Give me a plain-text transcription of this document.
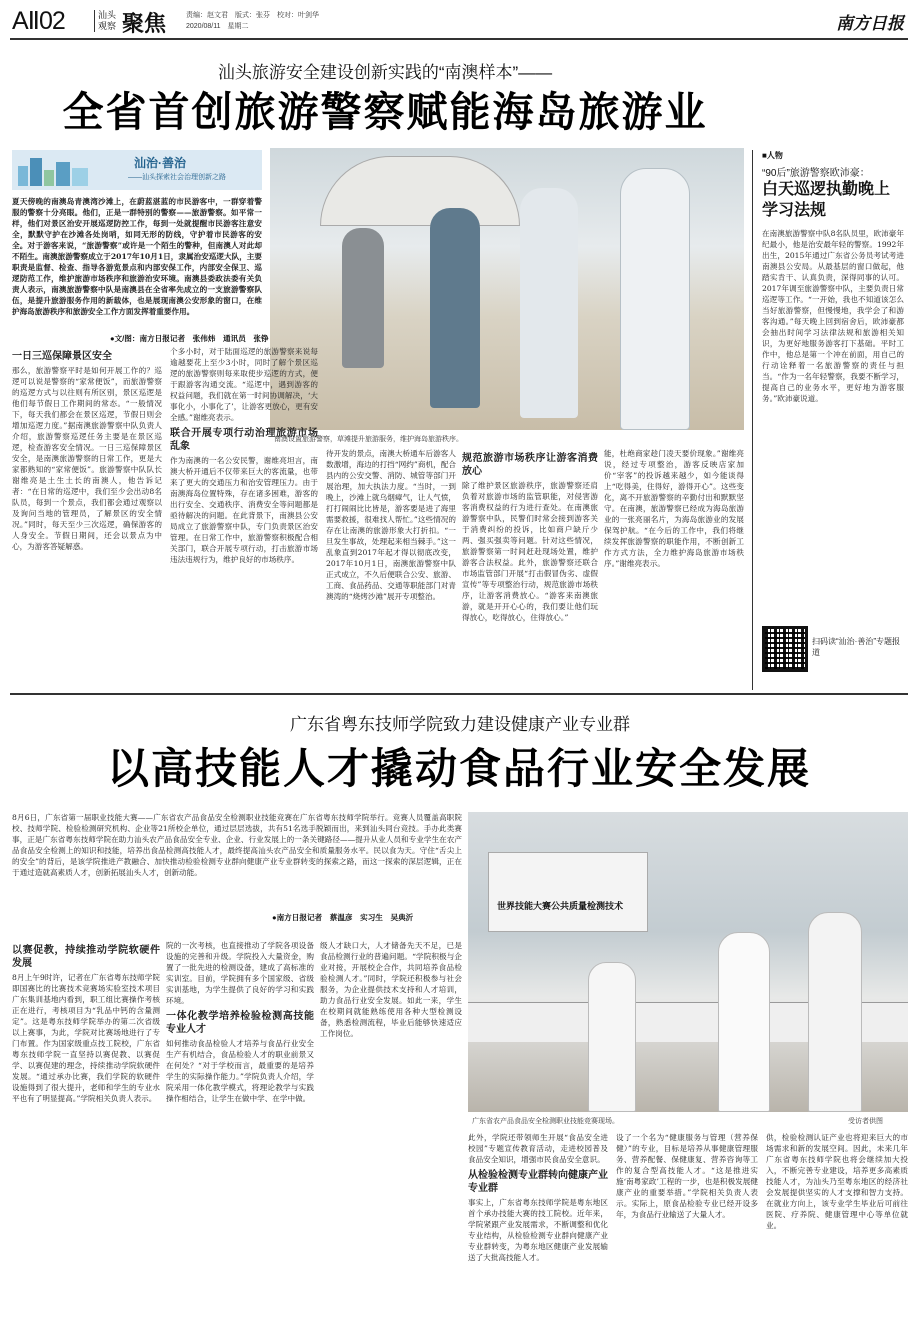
AⅡ02	汕头观察 聚焦	责编：赵文君　版式：张芬　校对：叶剑华
2020/08/11　星期二	南方日报
汕头旅游安全建设创新实践的“南澳样本”——
全省首创旅游警察赋能海岛旅游业
汕治·善治
——汕头探索社会治理创新之路
夏天傍晚的南澳岛青澳湾沙滩上，在蔚蓝湛蓝的市民游客中，一群穿着警服的警察十分亮眼。他们，正是一群特别的警察——旅游警察。如平常一样，他们对景区治安开展巡逻防控工作，每到一处就提醒市民游客注意安全，默默守护在沙滩各处岗哨，如同无形的防线，守护着市民游客的安全。对于游客来说，“旅游警察”或许是一个陌生的警种，但南澳人对此却不陌生。南澳旅游警察成立于2017年10月1日，隶属治安巡逻大队，主要职责是监督、检查、指导各游览景点和内部安保工作，内部安全保卫、巡逻防范工作，维护旅游市场秩序和旅游治安环境。南澳县委政法委有关负责人表示，南澳旅游警察中队是南澳县在全省率先成立的一支旅游警察队伍，是提升旅游服务作用的新载体，也是展现南澳公安形象的窗口，在维护海岛旅游秩序和旅游安全工作方面发挥着重要作用。
●文/图：南方日报记者　张伟炜　通讯员　张铮
南澳设置旅游警察，草滩提升旅游服务，维护海岛旅游秩序。
一日三巡保障景区安全
那么，旅游警察平时是如何开展工作的？巡逻可以说是警察的“家常便饭”，而旅游警察的巡逻方式与以往则有所区别，景区巡逻是他们每节假日工作期间的常态。“一般情况下，每天我们都会在景区巡逻，节假日则会增加巡逻力度。”据南澳旅游警察中队负责人介绍，旅游警察巡逻任务主要是在景区巡逻，检查游客安全情况。一日三巡保障景区安全，是南澳旅游警察的日常工作，更是大家都熟知的“家常便饭”。旅游警察中队队长谢维亮是土生土长的南澳人，他告诉记者：“在日常的巡逻中，我们至少会出动8名队员，每到一个景点，我们都会通过观察以及询问当地的管理员，了解景区的安全情况。”同时，每天至少三次巡逻，确保游客的人身安全。节假日期间，还会以景点为中心，为游客答疑解惑。
个多小时，对于陆面巡逻的旅游警察来说每逾越要花上至少3小时，同时了解个景区巡逻的旅游警察则每来取使步巡逻的方式，便于跟游客沟通交流。“巡逻中，遇到游客的权益问题，我们就在第一时间协调解决，‘大事化小，小事化了’，让游客更放心，更有安全感。”谢维亮表示。
联合开展专项行动治理旅游市场乱象
作为南澳的一名公安民警，谢维亮坦言，南澳大桥开通后不仅带来巨大的客流量，也带来了更大的交通压力和治安管理压力。由于南澳海岛位置特殊，存在诸多困难，游客的出行安全、交通秩序、消费安全等问题都是亟待解决的问题。在此背景下，南澳县公安局成立了旅游警察中队，专门负责景区治安管理。在日常工作中，旅游警察积极配合相关部门，联合开展专项行动，打击旅游市场违法违规行为，维护良好的市场秩序。
待开发的景点，南澳大桥通车后游客人数激增，海边的打挡“网约”商机，配合县内的公安交警、消防、城管等部门开展治理，加大执法力度。“当时，一到晚上，沙滩上就乌烟瘴气，让人气愤，打打闹闹比比皆是，游客要是进了海里需要救援，很难找人帮忙。”这些情况的存在让南澳的旅游形象大打折扣。“一旦发生事故，处理起来相当棘手。”这一乱象直到2017年起才得以彻底改变，2017年10月1日，南澳旅游警察中队正式成立，不久后便联合公安、旅游、工商、食品药品、交通等职能部门对青澳湾的“烧烤沙滩”展开专项整治。
规范旅游市场秩序让游客消费放心
除了维护景区旅游秩序，旅游警察还肩负着对旅游市场的监管职能，对侵害游客消费权益的行为进行查处。在南澳旅游警察中队，民警们时常会接到游客关于消费纠纷的投诉，比如商户缺斤少两、强买强卖等问题。针对这些情况，旅游警察第一时间赶赴现场处置，维护游客合法权益。此外，旅游警察还联合市场监管部门开展“打击假冒伪劣、虚假宣传”等专项整治行动，规范旅游市场秩序，让游客消费放心。“游客来南澳旅游，就是开开心心的，我们要让他们玩得放心，吃得放心，住得放心。”
能，杜绝商家趁门凌天要价现象。”谢维亮说，经过专项整治，游客反映店家加价“宰客”的投诉越来越少，如今能谈得上“吃得美，住得好，游得开心”。这些变化，离不开旅游警察的辛勤付出和默默坚守。在南澳，旅游警察已经成为海岛旅游业的一张亮丽名片，为海岛旅游业的发展保驾护航。“在今后的工作中，我们将继续发挥旅游警察的职能作用，不断创新工作方式方法，全力维护海岛旅游市场秩序。”谢维亮表示。
■人物
“90后”旅游警察欧沛豪：
白天巡逻执勤晚上学习法规
在南澳旅游警察中队8名队员里，欧沛豪年纪最小，他是治安最年轻的警察。1992年出生，2015年通过广东省公务员考试考进南澳县公安局。从最基层的窗口做起，他踏实肯干、认真负责，深得同事的认可。2017年调至旅游警察中队，主要负责日常巡逻等工作。“一开始，我也不知道该怎么当好旅游警察，但慢慢地，我学会了和游客沟通。”每天晚上回到宿舍后，欧沛豪都会抽出时间学习法律法规和旅游相关知识，为更好地服务游客打下基础。平时工作中，他总是第一个冲在前面，用自己的行动诠释着一名旅游警察的责任与担当。“作为一名年轻警察，我要不断学习，提高自己的业务水平，更好地为游客服务。”欧沛豪说道。
扫码读“汕治·善治”专题报道
广东省粤东技师学院致力建设健康产业专业群
以高技能人才撬动食品行业安全发展
8月6日，广东省第一届职业技能大赛——广东省农产品食品安全检测职业技能竞赛在广东省粤东技师学院举行。竞赛人员覆盖高职院校、技师学院、检验检测研究机构、企业等21所校企单位，通过层层选拔，共有51名选手脱颖而出，来到汕头同台竞技。手办此类赛事，正是广东省粤东技师学院在助力汕头农产品食品安全专业、企业、行业发展上的一条关键路径——提升从业人员和专业学生在农产品食品安全检测上的知识和技能，培养出食品检测高技能人才，最终提高汕头农产品安全和质量服务水平。民以食为天。守住“舌尖上的安全”的背后，是该学院推进产教融合、加快推动检验检测专业群向健康产业专业群转变的探索之路，而这一探索的深层逻辑，正在于通过造就高素质人才，创新拓展汕头人才，创新动能。
●南方日报记者　蔡温彦　实习生　吴典沂
世界技能大赛公共质量检测技术
广东省农产品食品安全检测职业技能竞赛现场。	受访者供图
以赛促教，持续推动学院软硬件发展
8月上午9时许，记者在广东省粤东技师学院即国赛比的比赛技术竞赛场实验室技术项目广东集训基地内看到，职工组比赛操作考核正在进行，考核项目为“乳品中钙的含量测定”。这是粤东技师学院举办的第二次省级以上赛事，为此，学院对比赛场地进行了专门布置。作为国家级重点技工院校，广东省粤东技师学院一直坚持以赛促教、以赛促学、以赛促建的理念，持续推动学院软硬件发展。“通过承办比赛，我们学院的软硬件设施得到了很大提升，老师和学生的专业水平也有了明显提高。”学院相关负责人表示。
院的一次考核，也直接推动了学院各项设备设施的完善和升级。学院投入大量资金，购置了一批先进的检测设备，建成了高标准的实训室。目前，学院拥有多个国家级、省级实训基地，为学生提供了良好的学习和实践环境。
一体化教学培养检验检测高技能专业人才
如何推动食品检验人才培养与食品行业安全生产有机结合，食品检验人才的职业前景又在何处？“对于学校而言，最重要的是培养学生的实际操作能力。”学院负责人介绍，学院采用一体化教学模式，将理论教学与实践操作相结合，让学生在做中学、在学中做。
级人才缺口大，人才储备先天不足，已是食品检测行业的普遍问题。“学院积极与企业对接，开展校企合作，共同培养食品检验检测人才。”同时，学院还积极参与社会服务，为企业提供技术支持和人才培训，助力食品行业安全发展。如此一来，学生在校期间就能熟练使用各种大型检测设备，熟悉检测流程，毕业后能够快速适应工作岗位。
此外，学院还带领师生开展“食品安全进校园”专题宣传教育活动，走进校园普及食品安全知识，增强市民食品安全意识。
从检验检测专业群转向健康产业专业群
事实上，广东省粤东技师学院是粤东地区首个承办技能大赛的技工院校。近年来，学院紧跟产业发展需求，不断调整和优化专业结构，从检验检测专业群向健康产业专业群转变，为粤东地区健康产业发展输送了大批高技能人才。
设了一个名为“健康服务与管理（营养保健）”的专业，目标是培养从事健康管理服务、营养配餐、保健康复、营养咨询等工作的复合型高技能人才。“这是推进实施‘南粤家政’工程的一步，也是积极发展健康产业的重要举措。”学院相关负责人表示。实际上，原食品检验专业已经开设多年，为食品行业输送了大量人才。
供，检验检测认证产业也将迎来巨大的市场需求和新的发展空间。因此，未来几年广东省粤东技师学院也将会继续加大投入，不断完善专业建设，培养更多高素质技能人才，为汕头乃至粤东地区的经济社会发展提供坚实的人才支撑和智力支持。在就业方向上，该专业学生毕业后可前往医院、疗养院、健康管理中心等单位就业。
